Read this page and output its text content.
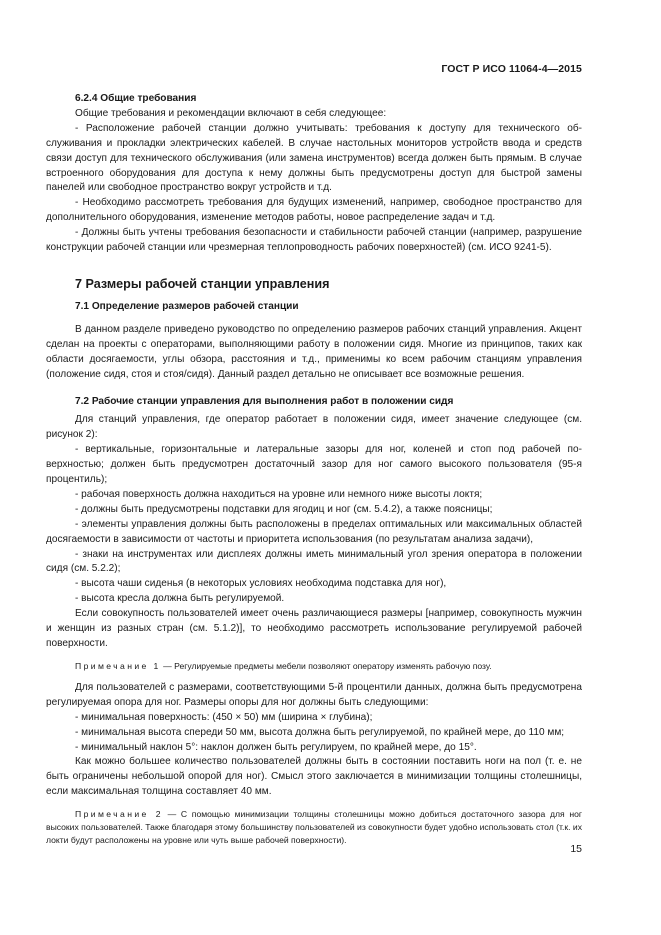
ГОСТ Р ИСО 11064-4—2015
6.2.4 Общие требования

Общие требования и рекомендации включают в себя следующее:

- Расположение рабочей станции должно учитывать: требования к доступу для технического обслуживания и прокладки электрических кабелей. В случае настольных мониторов устройств ввода и средств связи доступ для технического обслуживания (или замена инструментов) всегда должен быть прямым. В случае встроенного оборудования для доступа к нему должны быть предусмотрены доступ для быстрой замены панелей или свободное пространство вокруг устройств и т.д.

- Необходимо рассмотреть требования для будущих изменений, например, свободное пространство для дополнительного оборудования, изменение методов работы, новое распределение задач и т.д.

- Должны быть учтены требования безопасности и стабильности рабочей станции (например, разрушение конструкции рабочей станции или чрезмерная теплопроводность рабочих поверхностей) (см. ИСО 9241-5).

7 Размеры рабочей станции управления
7.1 Определение размеров рабочей станции

В данном разделе приведено руководство по определению размеров рабочих станций управления. Акцент сделан на проекты с операторами, выполняющими работу в положении сидя. Многие из принципов, таких как области досягаемости, углы обзора, расстояния и т.д., применимы ко всем рабочим станциям управления (положение сидя, стоя и стоя/сидя). Данный раздел детально не описывает все возможные решения.

7.2 Рабочие станции управления для выполнения работ в положении сидя

Для станций управления, где оператор работает в положении сидя, имеет значение следующее (см. рисунок 2):

- вертикальные, горизонтальные и латеральные зазоры для ног, коленей и стоп под рабочей поверхностью; должен быть предусмотрен достаточный зазор для ног самого высокого пользователя (95-я процентиль);

- рабочая поверхность должна находиться на уровне или немного ниже высоты локтя;

- должны быть предусмотрены подставки для ягодиц и ног (см. 5.4.2), а также поясницы;

- элементы управления должны быть расположены в пределах оптимальных или максимальных областей досягаемости в зависимости от частоты и приоритета использования (по результатам анализа задачи),

- знаки на инструментах или дисплеях должны иметь минимальный угол зрения оператора в положении сидя (см. 5.2.2);

- высота чаши сиденья (в некоторых условиях необходима подставка для ног),

- высота кресла должна быть регулируемой.

Если совокупность пользователей имеет очень различающиеся размеры [например, совокупность мужчин и женщин из разных стран (см. 5.1.2)], то необходимо рассмотреть использование регулируемой рабочей поверхности.

Примечание 1 — Регулируемые предметы мебели позволяют оператору изменять рабочую позу.

Для пользователей с размерами, соответствующими 5-й процентили данных, должна быть предусмотрена регулируемая опора для ног. Размеры опоры для ног должны быть следующими:

- минимальная поверхность: (450 × 50) мм (ширина × глубина);

- минимальная высота спереди 50 мм, высота должна быть регулируемой, по крайней мере, до 110 мм;

- минимальный наклон 5°: наклон должен быть регулируем, по крайней мере, до 15°.

Как можно большее количество пользователей должны быть в состоянии поставить ноги на пол (т. е. не быть ограничены небольшой опорой для ног). Смысл этого заключается в минимизации толщины столешницы, если максимальная толщина составляет 40 мм.

Примечание 2 — С помощью минимизации толщины столешницы можно добиться достаточного зазора для ног высоких пользователей. Также благодаря этому большинству пользователей из совокупности будет удобно использовать стол (т.к. их локти будут расположены на уровне или чуть выше рабочей поверхности).

15
